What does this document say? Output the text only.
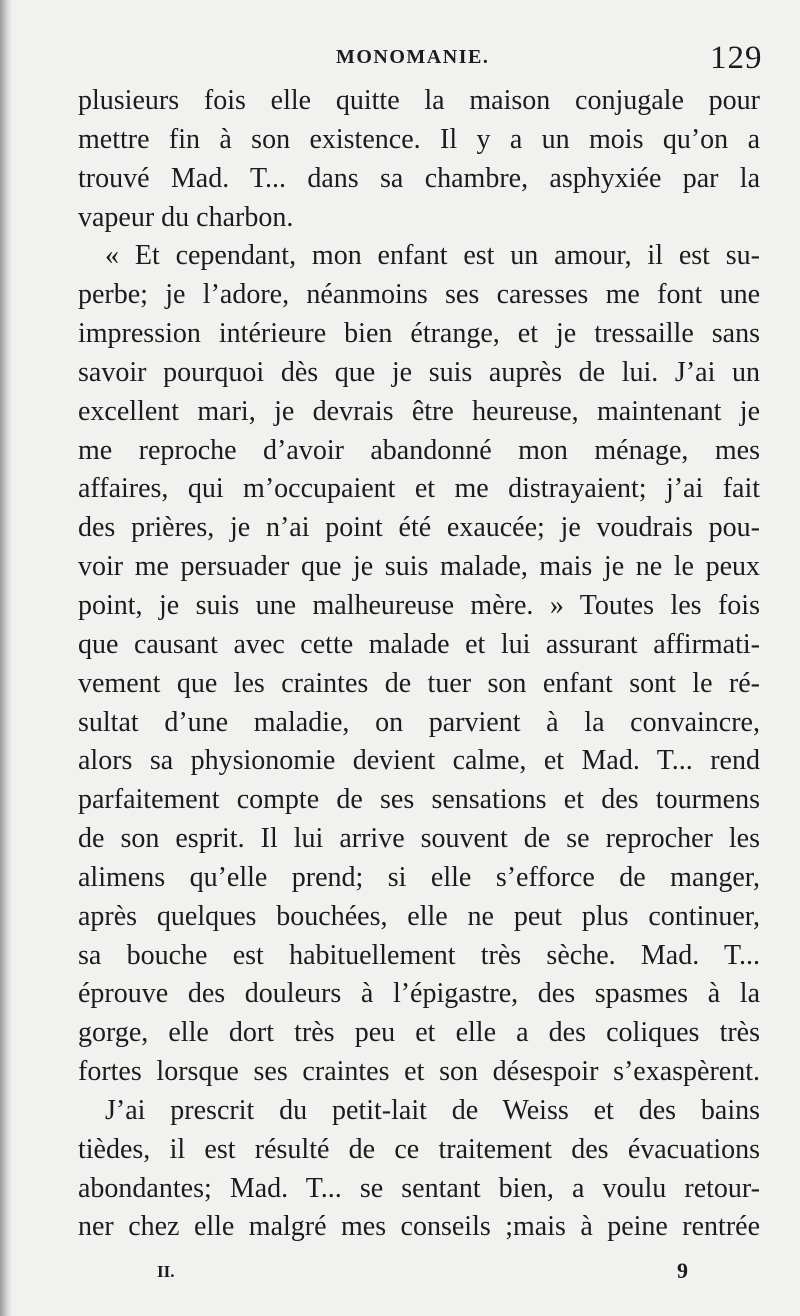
MONOMANIE.	129
plusieurs fois elle quitte la maison conjugale pour
mettre fin à son existence. Il y a un mois qu’on a
trouvé Mad. T... dans sa chambre, asphyxiée par la
vapeur du charbon.
« Et cependant, mon enfant est un amour, il est su-
perbe; je l’adore, néanmoins ses caresses me font une
impression intérieure bien étrange, et je tressaille sans
savoir pourquoi dès que je suis auprès de lui. J’ai un
excellent mari, je devrais être heureuse, maintenant je
me reproche d’avoir abandonné mon ménage, mes
affaires, qui m’occupaient et me distrayaient; j’ai fait
des prières, je n’ai point été exaucée; je voudrais pou-
voir me persuader que je suis malade, mais je ne le peux
point, je suis une malheureuse mère. » Toutes les fois
que causant avec cette malade et lui assurant affirmati-
vement que les craintes de tuer son enfant sont le ré-
sultat d’une maladie, on parvient à la convaincre,
alors sa physionomie devient calme, et Mad. T... rend
parfaitement compte de ses sensations et des tourmens
de son esprit. Il lui arrive souvent de se reprocher les
alimens qu’elle prend; si elle s’efforce de manger,
après quelques bouchées, elle ne peut plus continuer,
sa bouche est habituellement très sèche. Mad. T...
éprouve des douleurs à l’épigastre, des spasmes à la
gorge, elle dort très peu et elle a des coliques très
fortes lorsque ses craintes et son désespoir s’exaspèrent.
J’ai prescrit du petit-lait de Weiss et des bains
tièdes, il est résulté de ce traitement des évacuations
abondantes; Mad. T... se sentant bien, a voulu retour-
ner chez elle malgré mes conseils ;mais à peine rentrée
II.	9
